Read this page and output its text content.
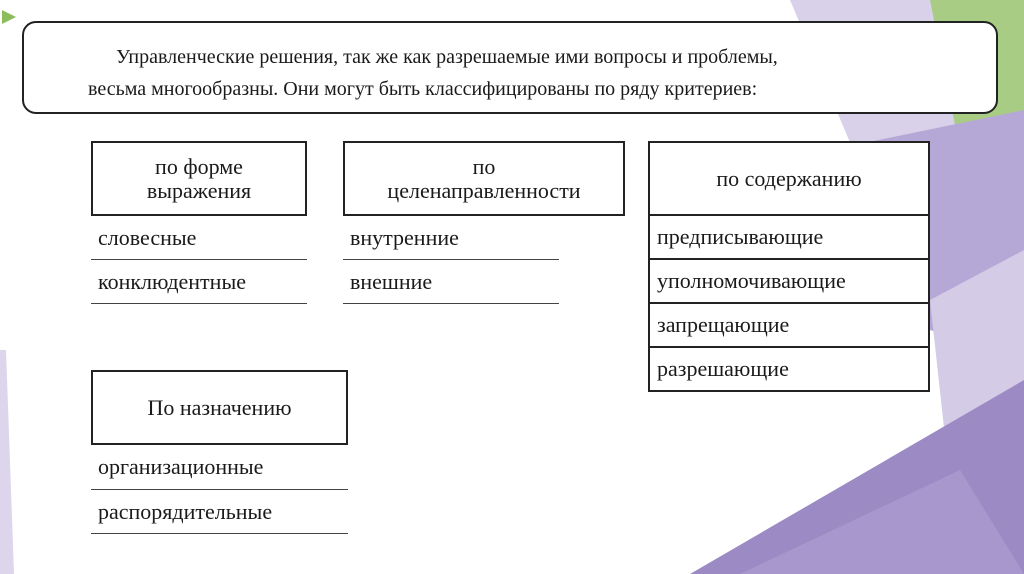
Управленческие решения, так же как разрешаемые ими вопросы и проблемы,
весьма многообразны. Они могут быть классифицированы по ряду критериев:
по форме
выражения
словесные
конклюдентные
по
целенаправленности
внутренние
внешние
по содержанию
предписывающие
уполномочивающие
запрещающие
разрешающие
По назначению
организационные
распорядительные
